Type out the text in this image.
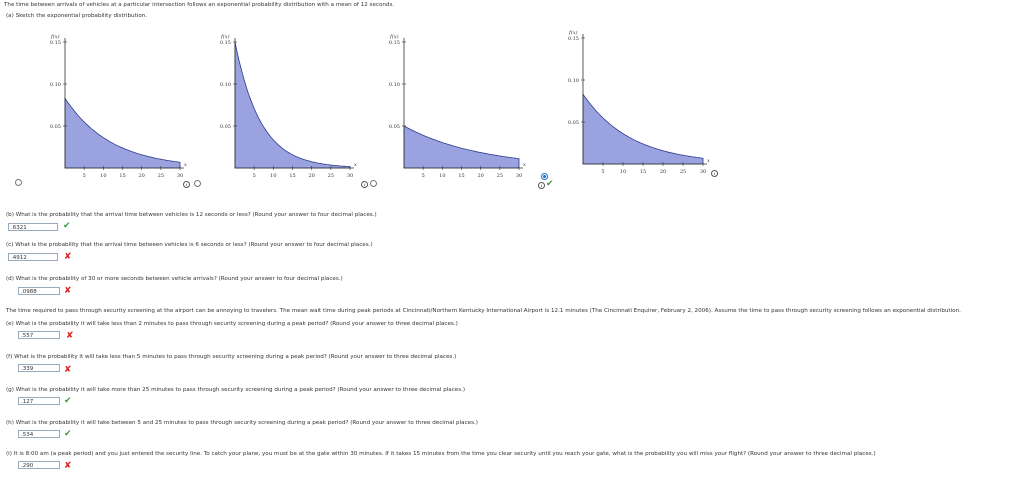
The time between arrivals of vehicles at a particular intersection follows an exponential probability distribution with a mean of 12 seconds.
(a) Sketch the exponential probability distribution.
0.05
0.10
0.15
5	10	15	20	25	30
f(x)
x
0.05
0.10
0.15
5	10	15	20	25	30
f(x)
x
0.05
0.10
0.15
5	10	15	20	25	30
f(x)
x
0.05
0.10
0.15
5	10	15	20	25	30
f(x)
x
(b) What is the probability that the arrival time between vehicles is 12 seconds or less? (Round your answer to four decimal places.)
.6321	✔
(c) What is the probability that the arrival time between vehicles is 6 seconds or less? (Round your answer to four decimal places.)
.4912	✘
(d) What is the probability of 30 or more seconds between vehicle arrivals? (Round your answer to four decimal places.)
.0988	✘
The time required to pass through security screening at the airport can be annoying to travelers. The mean wait time during peak periods at Cincinnati/Northern Kentucky International Airport is 12.1 minutes (The Cincinnati Enquirer, February 2, 2006). Assume the time to pass through security screening follows an exponential distribution.
(e) What is the probability it will take less than 2 minutes to pass through security screening during a peak period? (Round your answer to three decimal places.)
.557	✘
(f) What is the probability it will take less than 5 minutes to pass through security screening during a peak period? (Round your answer to three decimal places.)
.339	✘
(g) What is the probability it will take more than 25 minutes to pass through security screening during a peak period? (Round your answer to three decimal places.)
.127	✔
(h) What is the probability it will take between 5 and 25 minutes to pass through security screening during a peak period? (Round your answer to three decimal places.)
.534	✔
(i) It is 8:00 am (a peak period) and you just entered the security line. To catch your plane, you must be at the gate within 30 minutes. If it takes 15 minutes from the time you clear security until you reach your gate, what is the probability you will miss your flight? (Round your answer to three decimal places.)
.290	✘
i	i
i
✔
i
